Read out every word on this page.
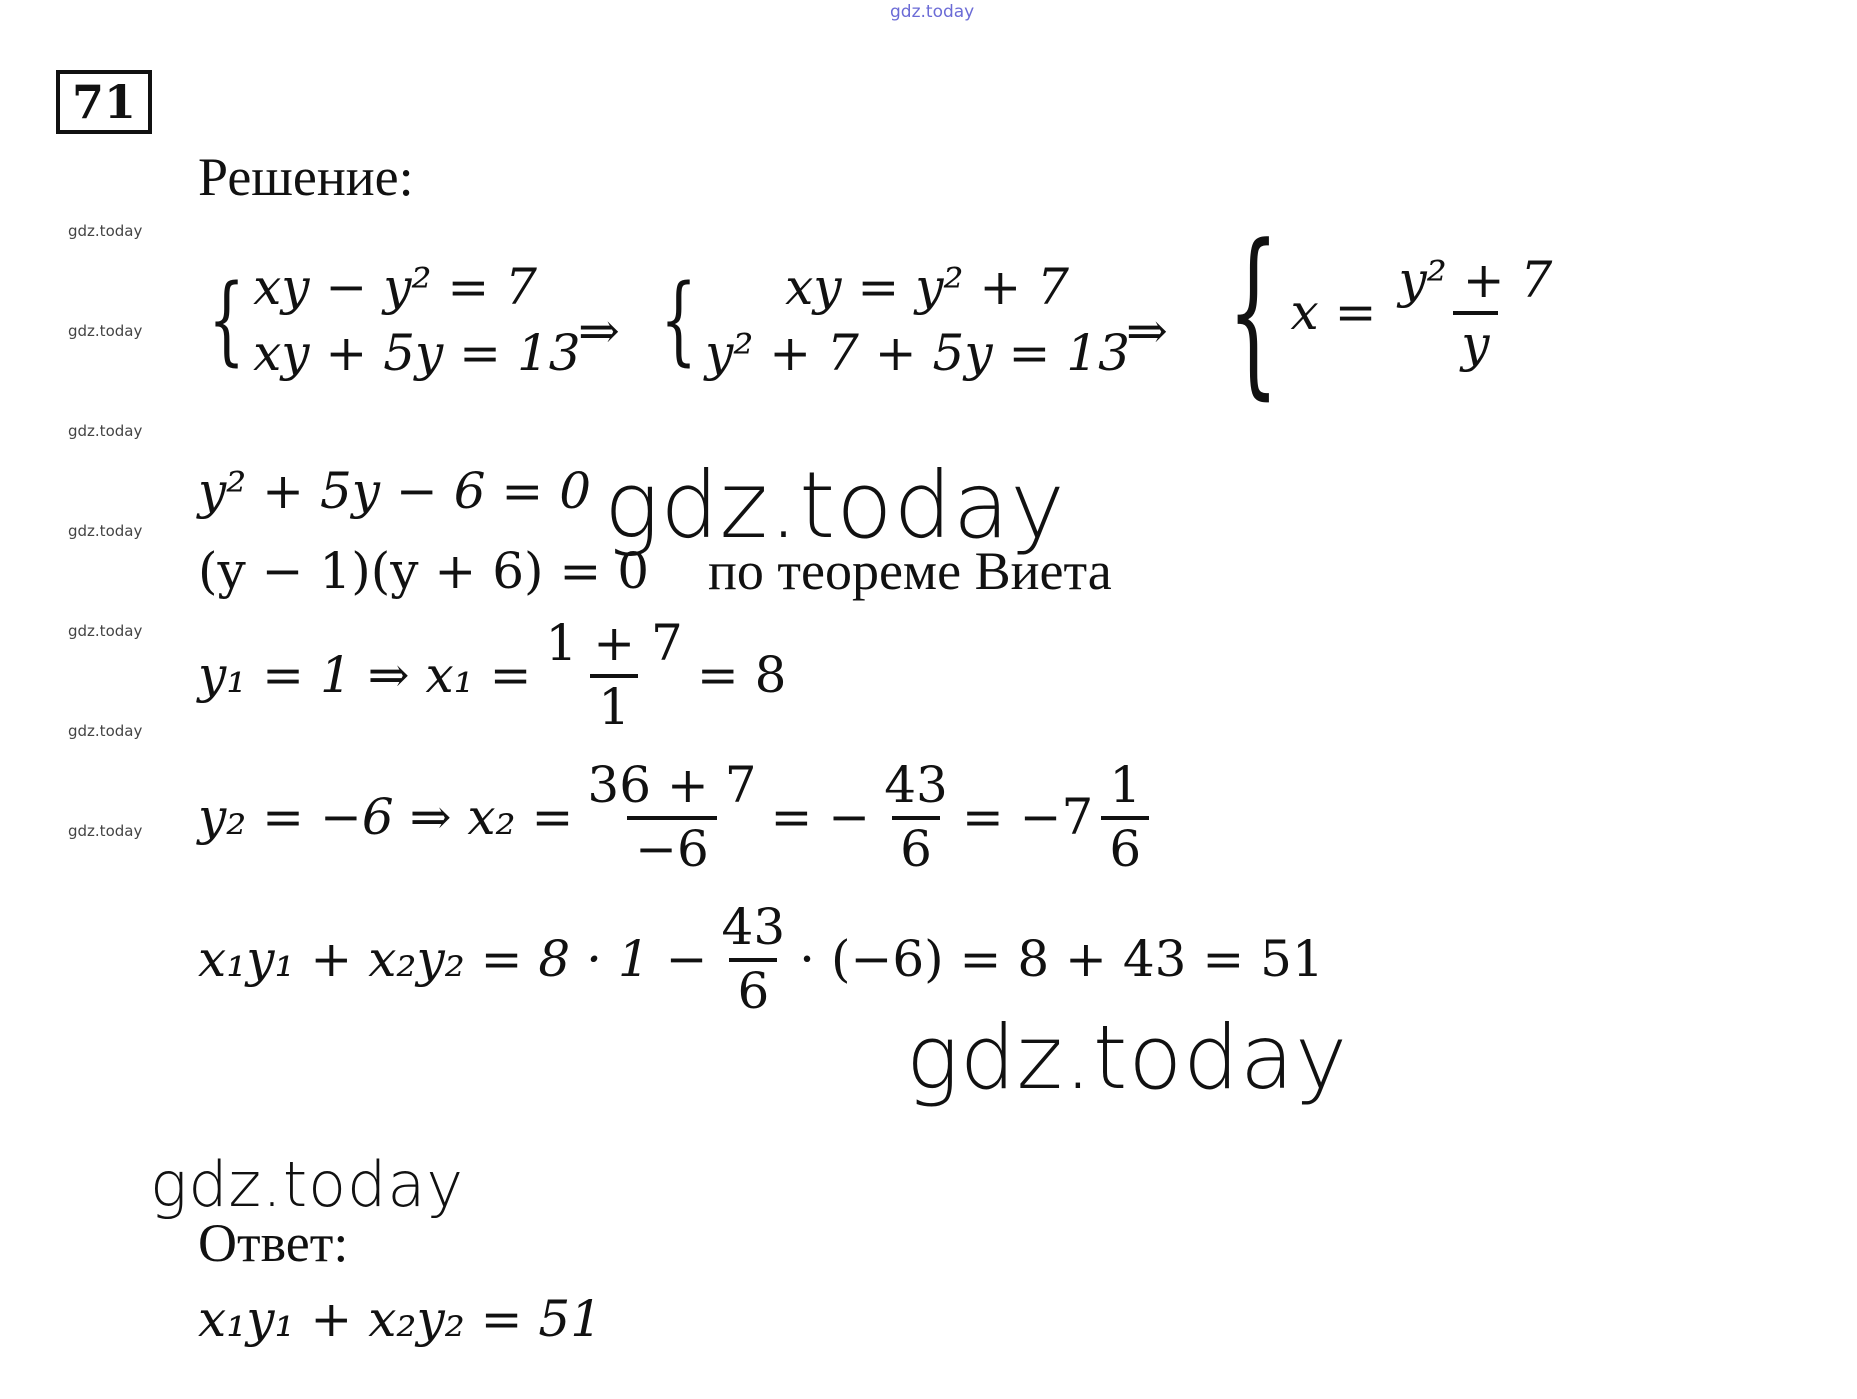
gdz.today
71
Решение:
gdz.today
gdz.today
gdz.today
gdz.today
gdz.today
gdz.today
gdz.today
{ xy − y² = 7
xy + 5y = 13
⇒ {	xy = y² + 7
y² + 7 + 5y = 13
⇒ { $x = \frac{\text{y² + 7}}{y}$
y² + 5y − 6 = 0 gdz.today
(y − 1)(y + 6) = 0 по теореме Виета
y₁ = 1 ⇒ $x_1 = \frac{1 + 7}{1} = 8$
y₂ = −6 ⇒ $x_2 = \frac{36 + 7}{-6}$ = − $\frac{43}{6} = -7 \frac{1}{6}$
$x_1y_1 + x_2y_2 = 8 \cdot 1 - \frac{43}{6} \cdot (-6) = 8 + 43 = 51$
gdz.today
gdz.today
Ответ:
x₁y₁ + x₂y₂ = 51
